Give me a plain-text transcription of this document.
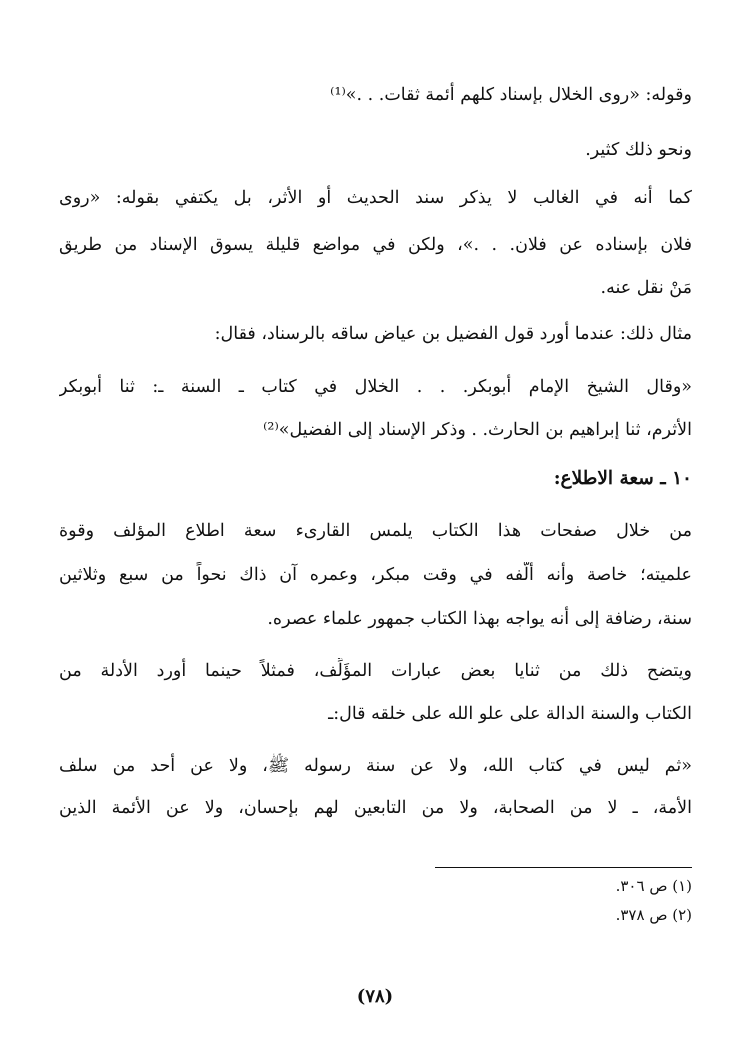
وقوله: «روى الخلال بإسناد كلهم أئمة ثقات. . .»⁽¹⁾
ونحو ذلك كثير.
كما أنه في الغالب لا يذكر سند الحديث أو الأثر، بل يكتفي بقوله: «روى
فلان بإسناده عن فلان. . .»، ولكن في مواضع قليلة يسوق الإسناد من طريق
مَنْ نقل عنه.
مثال ذلك: عندما أورد قول الفضيل بن عياض ساقه بالرسناد، فقال:
«وقال الشيخ الإمام أبوبكر. . . الخلال في كتاب ـ السنة ـ: ثنا أبوبكر
الأثرم، ثنا إبراهيم بن الحارث. . وذكر الإسناد إلى الفضيل»⁽²⁾
١٠ ـ سعة الاطلاع:
من خلال صفحات هذا الكتاب يلمس القارىء سعة اطلاع المؤلف وقوة
علميته؛ خاصة وأنه ألّفه في وقت مبكر، وعمره آن ذاك نحواً من سبع وثلاثين
سنة، رضافة إلى أنه يواجه بهذا الكتاب جمهور علماء عصره.
ويتضح ذلك من ثنايا بعض عبارات المؤَلِّف، فمثلاً حينما أورد الأدلة من
الكتاب والسنة الدالة على علو الله على خلقه قال:ـ
«ثم ليس في كتاب الله، ولا عن سنة رسوله ﷺ، ولا عن أحد من سلف
الأمة، ـ لا من الصحابة، ولا من التابعين لهم بإحسان، ولا عن الأئمة الذين
(١) ص ٣٠٦.
(٢) ص ٣٧٨.
(٧٨)
